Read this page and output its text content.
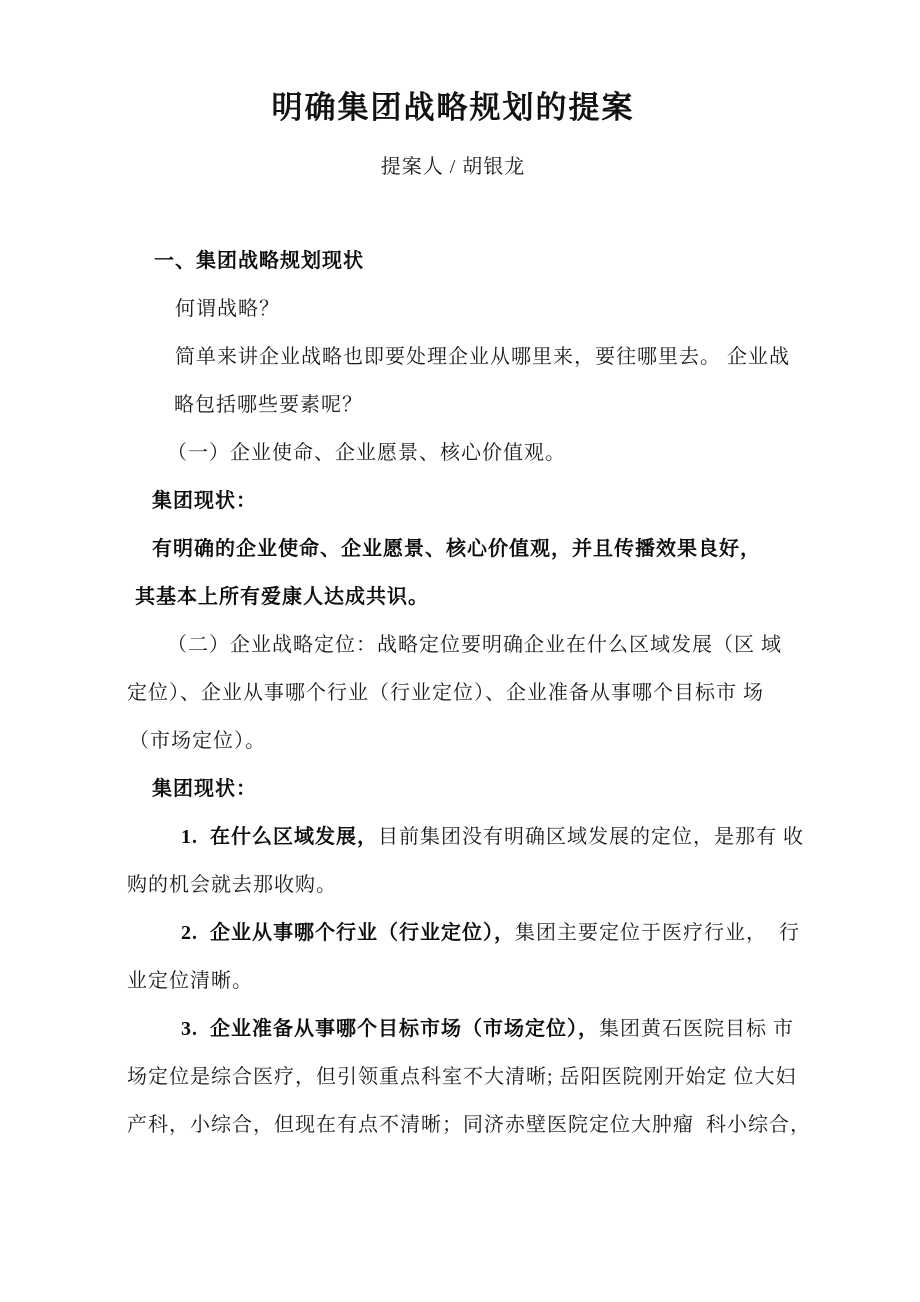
明确集团战略规划的提案
提案人 / 胡银龙
一、集团战略规划现状
何谓战略？
简单来讲企业战略也即要处理企业从哪里来，要往哪里去。 企业战
略包括哪些要素呢？
（一）企业使命、企业愿景、核心价值观。
集团现状：
有明确的企业使命、企业愿景、核心价值观，并且传播效果良好，
其基本上所有爱康人达成共识。
（二）企业战略定位：战略定位要明确企业在什么区域发展（区 域
定位）、企业从事哪个行业（行业定位）、企业准备从事哪个目标市 场
（市场定位）。
集团现状：
1.  在什么区域发展，目前集团没有明确区域发展的定位，是那有 收
购的机会就去那收购。
2.  企业从事哪个行业（行业定位），集团主要定位于医疗行业，  行
业定位清晰。
3.  企业准备从事哪个目标市场（市场定位），集团黄石医院目标 市
场定位是综合医疗，但引领重点科室不大清晰; 岳阳医院刚开始定 位大妇
产科，小综合，但现在有点不清晰；同济赤壁医院定位大肿瘤  科小综合，
